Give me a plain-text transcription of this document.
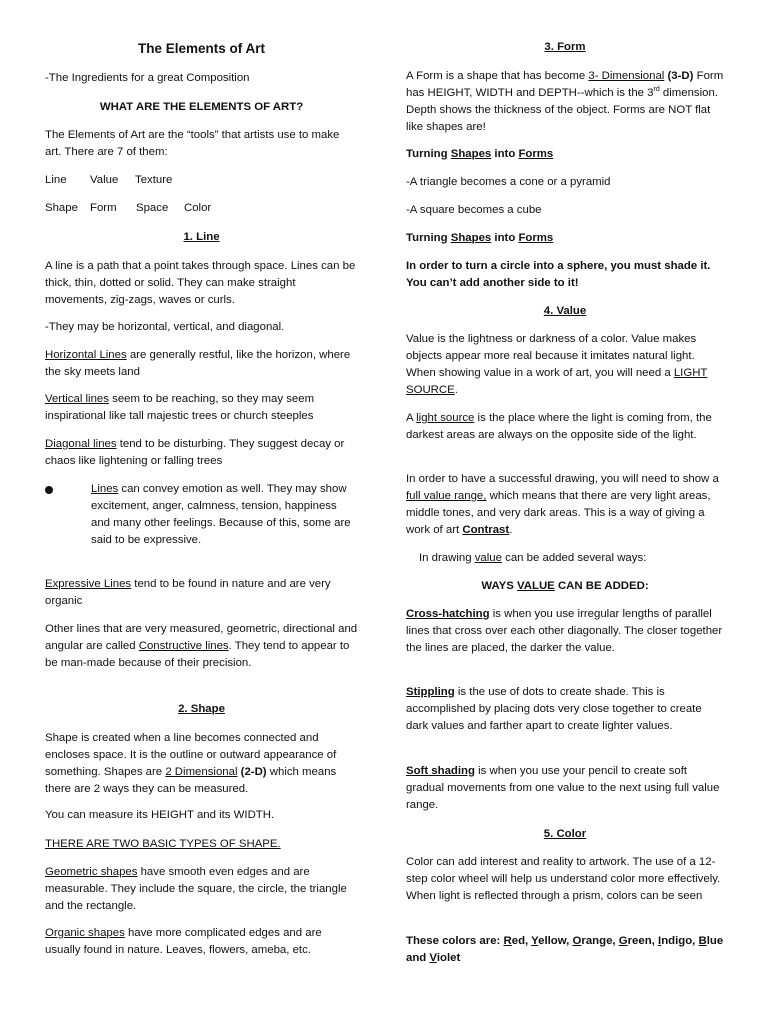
The Elements of Art

-The Ingredients for a great Composition

WHAT ARE THE ELEMENTS OF ART?

The Elements of Art are the “tools” that artists use to make art. There are 7 of them:

Line Value Texture

Shape Form Space Color

1. Line

A line is a path that a point takes through space. Lines can be thick, thin, dotted or solid. They can make straight movements, zig-zags, waves or curls.

-They may be horizontal, vertical, and diagonal.

Horizontal Lines are generally restful, like the horizon, where the sky meets land

Vertical lines seem to be reaching, so they may seem inspirational like tall majestic trees or church steeples

Diagonal lines tend to be disturbing. They suggest decay or chaos like lightening or falling trees

Lines can convey emotion as well. They may show excitement, anger, calmness, tension, happiness and many other feelings. Because of this, some are said to be expressive.

Expressive Lines tend to be found in nature and are very organic

Other lines that are very measured, geometric, directional and angular are called Constructive lines. They tend to appear to be man-made because of their precision.

2. Shape

Shape is created when a line becomes connected and encloses space. It is the outline or outward appearance of something. Shapes are 2 Dimensional (2-D) which means there are 2 ways they can be measured.

You can measure its HEIGHT and its WIDTH.

THERE ARE TWO BASIC TYPES OF SHAPE.

Geometric shapes have smooth even edges and are measurable. They include the square, the circle, the triangle and the rectangle.

Organic shapes have more complicated edges and are usually found in nature. Leaves, flowers, ameba, etc.

3. Form

A Form is a shape that has become 3- Dimensional (3-D) Form has HEIGHT, WIDTH and DEPTH--which is the 3rd dimension. Depth shows the thickness of the object. Forms are NOT flat like shapes are!

Turning Shapes into Forms

-A triangle becomes a cone or a pyramid

-A square becomes a cube

Turning Shapes into Forms

In order to turn a circle into a sphere, you must shade it. You can’t add another side to it!

4. Value

Value is the lightness or darkness of a color. Value makes objects appear more real because it imitates natural light. When showing value in a work of art, you will need a LIGHT SOURCE.

A light source is the place where the light is coming from, the darkest areas are always on the opposite side of the light.

In order to have a successful drawing, you will need to show a full value range, which means that there are very light areas, middle tones, and very dark areas. This is a way of giving a work of art Contrast.

In drawing value can be added several ways:

WAYS VALUE CAN BE ADDED:

Cross-hatching is when you use irregular lengths of parallel lines that cross over each other diagonally. The closer together the lines are placed, the darker the value.

Stippling is the use of dots to create shade. This is accomplished by placing dots very close together to create dark values and farther apart to create lighter values.

Soft shading is when you use your pencil to create soft gradual movements from one value to the next using full value range.

5. Color

Color can add interest and reality to artwork. The use of a 12-step color wheel will help us understand color more effectively. When light is reflected through a prism, colors can be seen

These colors are: Red, Yellow, Orange, Green, Indigo, Blue and Violet
